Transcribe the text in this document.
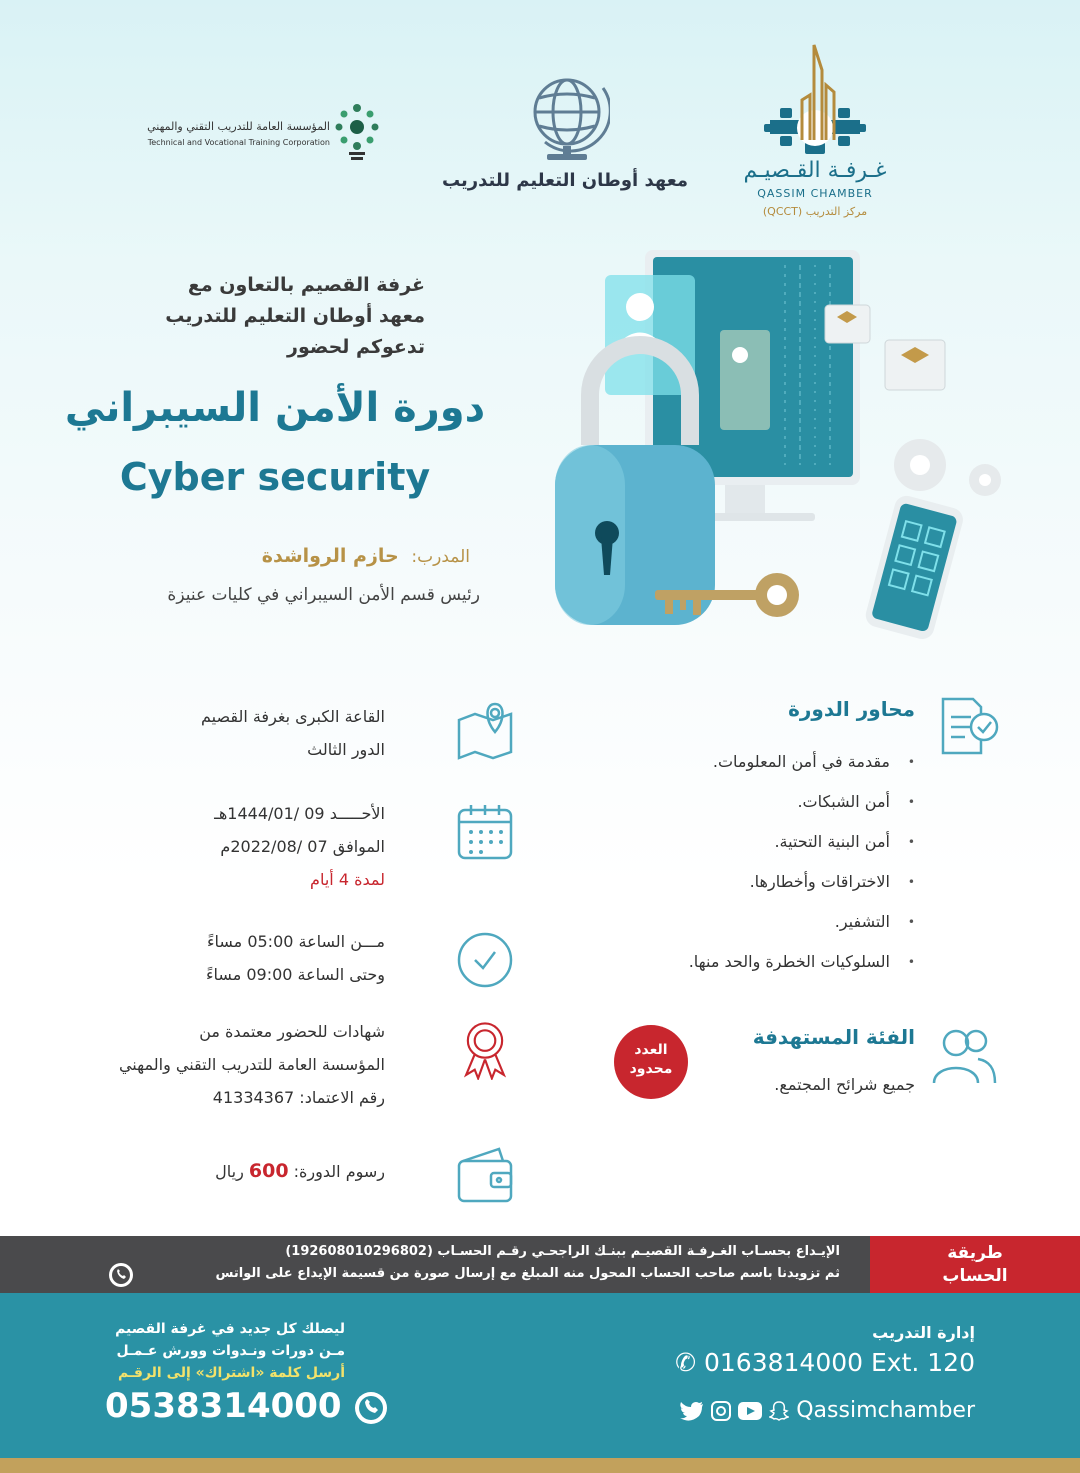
المؤسسة العامة للتدريب التقني والمهني
Technical and Vocational Training Corporation
معهد أوطان التعليم للتدريب	غـرفـة القـصيـم
QASSIM CHAMBER
مركز التدريب (QCCT)
غرفة القصيم بالتعاون مع
معهد أوطان التعليم للتدريب
تدعوكم لحضور
دورة الأمن السيبراني
Cyber security
المدرب: حازم الرواشدة
رئيس قسم الأمن السيبراني في كليات عنيزة
القاعة الكبرى بغرفة القصيم
الدور الثالث
الأحـــــد 09 /1444/01هـ
الموافق 07 /2022/08م
لمدة 4 أيام
مـــن الساعة 05:00 مساءً
وحتى الساعة 09:00 مساءً
شهادات للحضور معتمدة من
المؤسسة العامة للتدريب التقني والمهني
رقم الاعتماد: 41334367
رسوم الدورة: 600 ريال
محاور الدورة
• مقدمة في أمن المعلومات.
• أمن الشبكات.
• أمن البنية التحتية.
• الاختراقات وأخطارها.
• التشفير.
• السلوكيات الخطرة والحد منها.
الفئة المستهدفة
جميع شرائح المجتمع.
العدد
محدود
الإيـداع بحسـاب الغـرفـة القصيـم ببنـك الراجحـي رقـم الحسـاب (192608010296802)
ثم تزويدنا باسم صاحب الحساب المحول منه المبلغ مع إرسال صورة من قسيمة الإيداع على الواتس
طريقة
الحساب
إدارة التدريب
✆ 0163814000 Ext. 120
Qassimchamber
ليصلك كل جديد في غرفة القصيم
مـن دورات ونـدوات وورش عـمـل
أرسل كلمة «اشتراك» إلى الرقـم
0538314000
